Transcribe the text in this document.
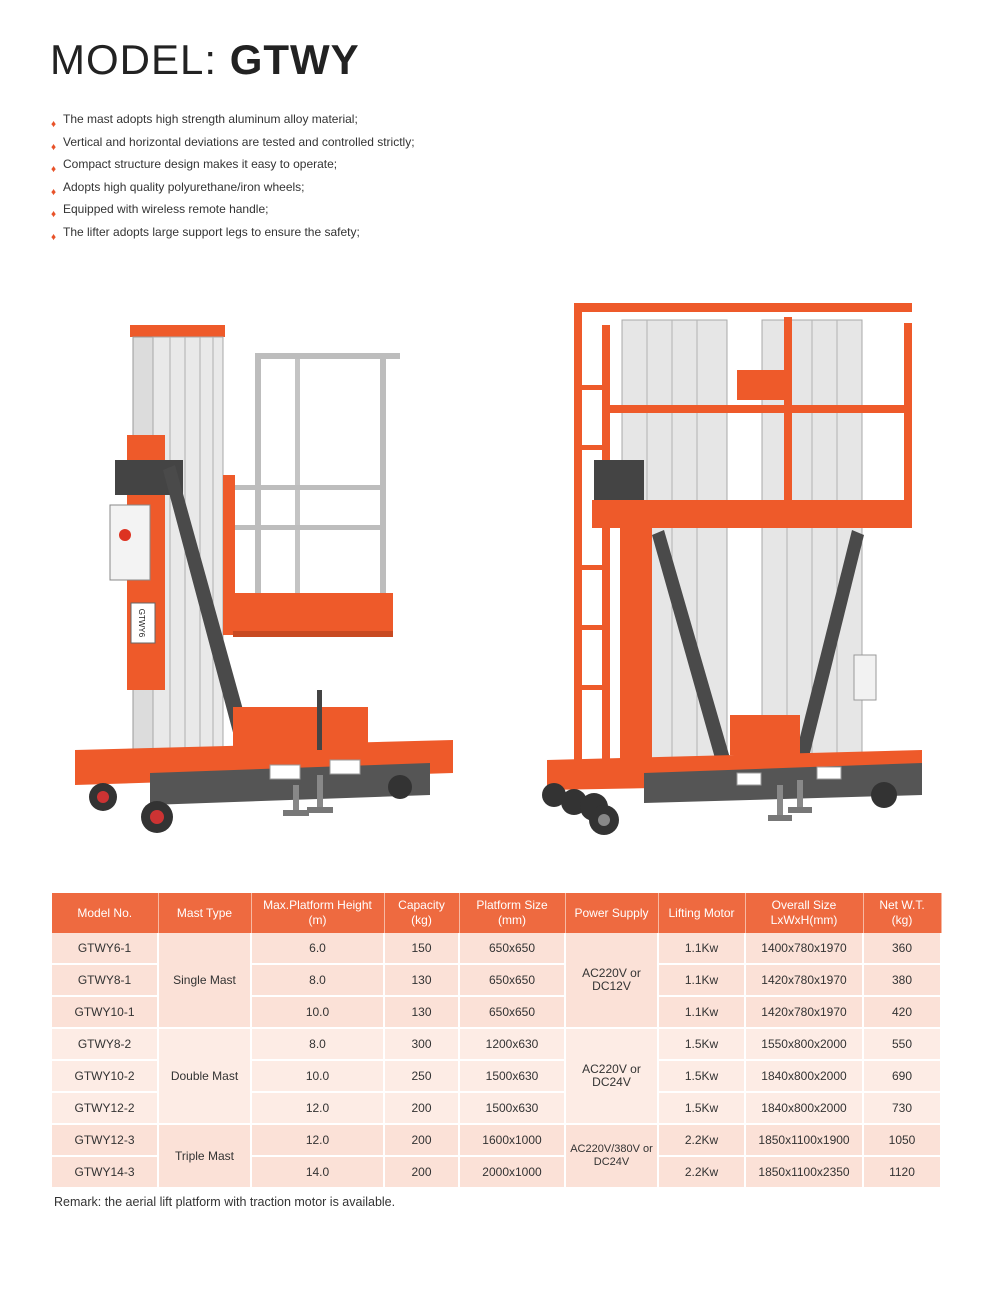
MODEL: GTWY
♦ The mast adopts high strength aluminum alloy material;
♦ Vertical and horizontal deviations are tested and controlled strictly;
♦ Compact structure design makes it easy to operate;
♦ Adopts high quality polyurethane/iron wheels;
♦ Equipped with wireless remote handle;
♦ The lifter adopts large support legs to ensure the safety;
GTWY6
Model No.	Mast Type	Max.Platform Height (m)	Capacity (kg)	Platform Size (mm)	Power Supply	Lifting Motor	Overall Size LxWxH(mm)	Net W.T. (kg)
GTWY6-1	Single Mast	6.0	150	650x650	AC220V or DC12V	1.1Kw	1400x780x1970	360
GTWY8-1		8.0	130	650x650		1.1Kw	1420x780x1970	380
GTWY10-1		10.0	130	650x650		1.1Kw	1420x780x1970	420
GTWY8-2	Double Mast	8.0	300	1200x630	AC220V or DC24V	1.5Kw	1550x800x2000	550
GTWY10-2		10.0	250	1500x630		1.5Kw	1840x800x2000	690
GTWY12-2		12.0	200	1500x630		1.5Kw	1840x800x2000	730
GTWY12-3	Triple Mast	12.0	200	1600x1000	AC220V/380V or DC24V	2.2Kw	1850x1100x1900	1050
GTWY14-3		14.0	200	2000x1000		2.2Kw	1850x1100x2350	1120
Remark: the aerial lift platform with traction motor is available.
